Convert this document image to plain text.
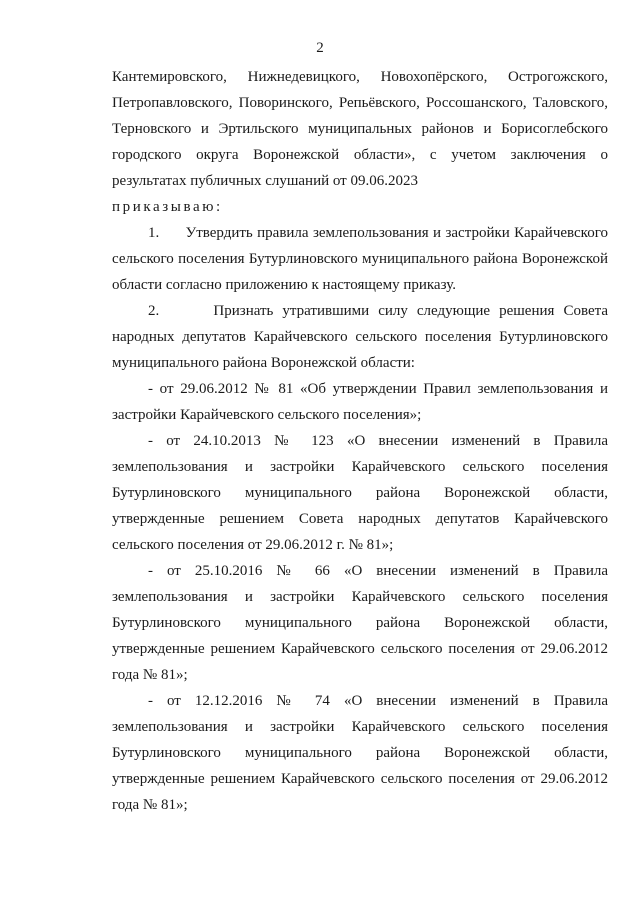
2

Кантемировского, Нижнедевицкого, Новохопёрского, Острогожского, Петропавловского, Поворинского, Репьёвского, Россошанского, Таловского, Терновского и Эртильского муниципальных районов и Борисоглебского городского округа Воронежской области», с учетом заключения о результатах публичных слушаний от 09.06.2023

приказываю:

1.      Утвердить правила землепользования и застройки Карайчевского сельского поселения Бутурлиновского муниципального района Воронежской области согласно приложению к настоящему приказу.

2.      Признать утратившими силу следующие решения Совета народных депутатов Карайчевского сельского поселения Бутурлиновского муниципального района Воронежской области:

- от 29.06.2012 № 81 «Об утверждении Правил землепользования и застройки Карайчевского сельского поселения»;

- от 24.10.2013 № 123 «О внесении изменений в Правила землепользования и застройки Карайчевского сельского поселения Бутурлиновского муниципального района Воронежской области, утвержденные решением Совета народных депутатов Карайчевского сельского поселения от 29.06.2012 г. № 81»;

- от 25.10.2016 № 66 «О внесении изменений в Правила землепользования и застройки Карайчевского сельского поселения Бутурлиновского муниципального района Воронежской области, утвержденные решением Карайчевского сельского поселения от 29.06.2012 года № 81»;

- от 12.12.2016 № 74 «О внесении изменений в Правила землепользования и застройки Карайчевского сельского поселения Бутурлиновского муниципального района Воронежской области, утвержденные решением Карайчевского сельского поселения от 29.06.2012 года № 81»;
